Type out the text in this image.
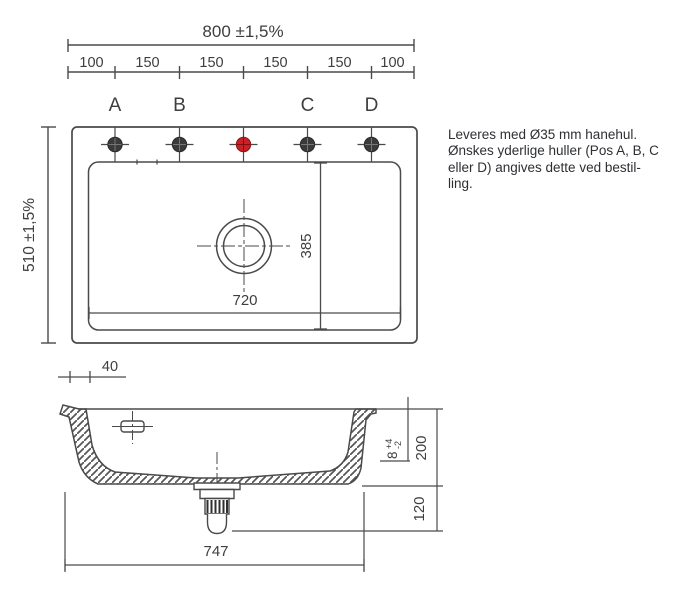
800 ±1,5%
100 150	150	150	150 100
A	B	C	D
510 ±1,5%	385
720
40
8
+4 -2 200
120
747
Leveres med Ø35 mm hanehul.
Ønskes yderlige huller (Pos A, B, C
eller D) angives dette ved bestil-
ling.
